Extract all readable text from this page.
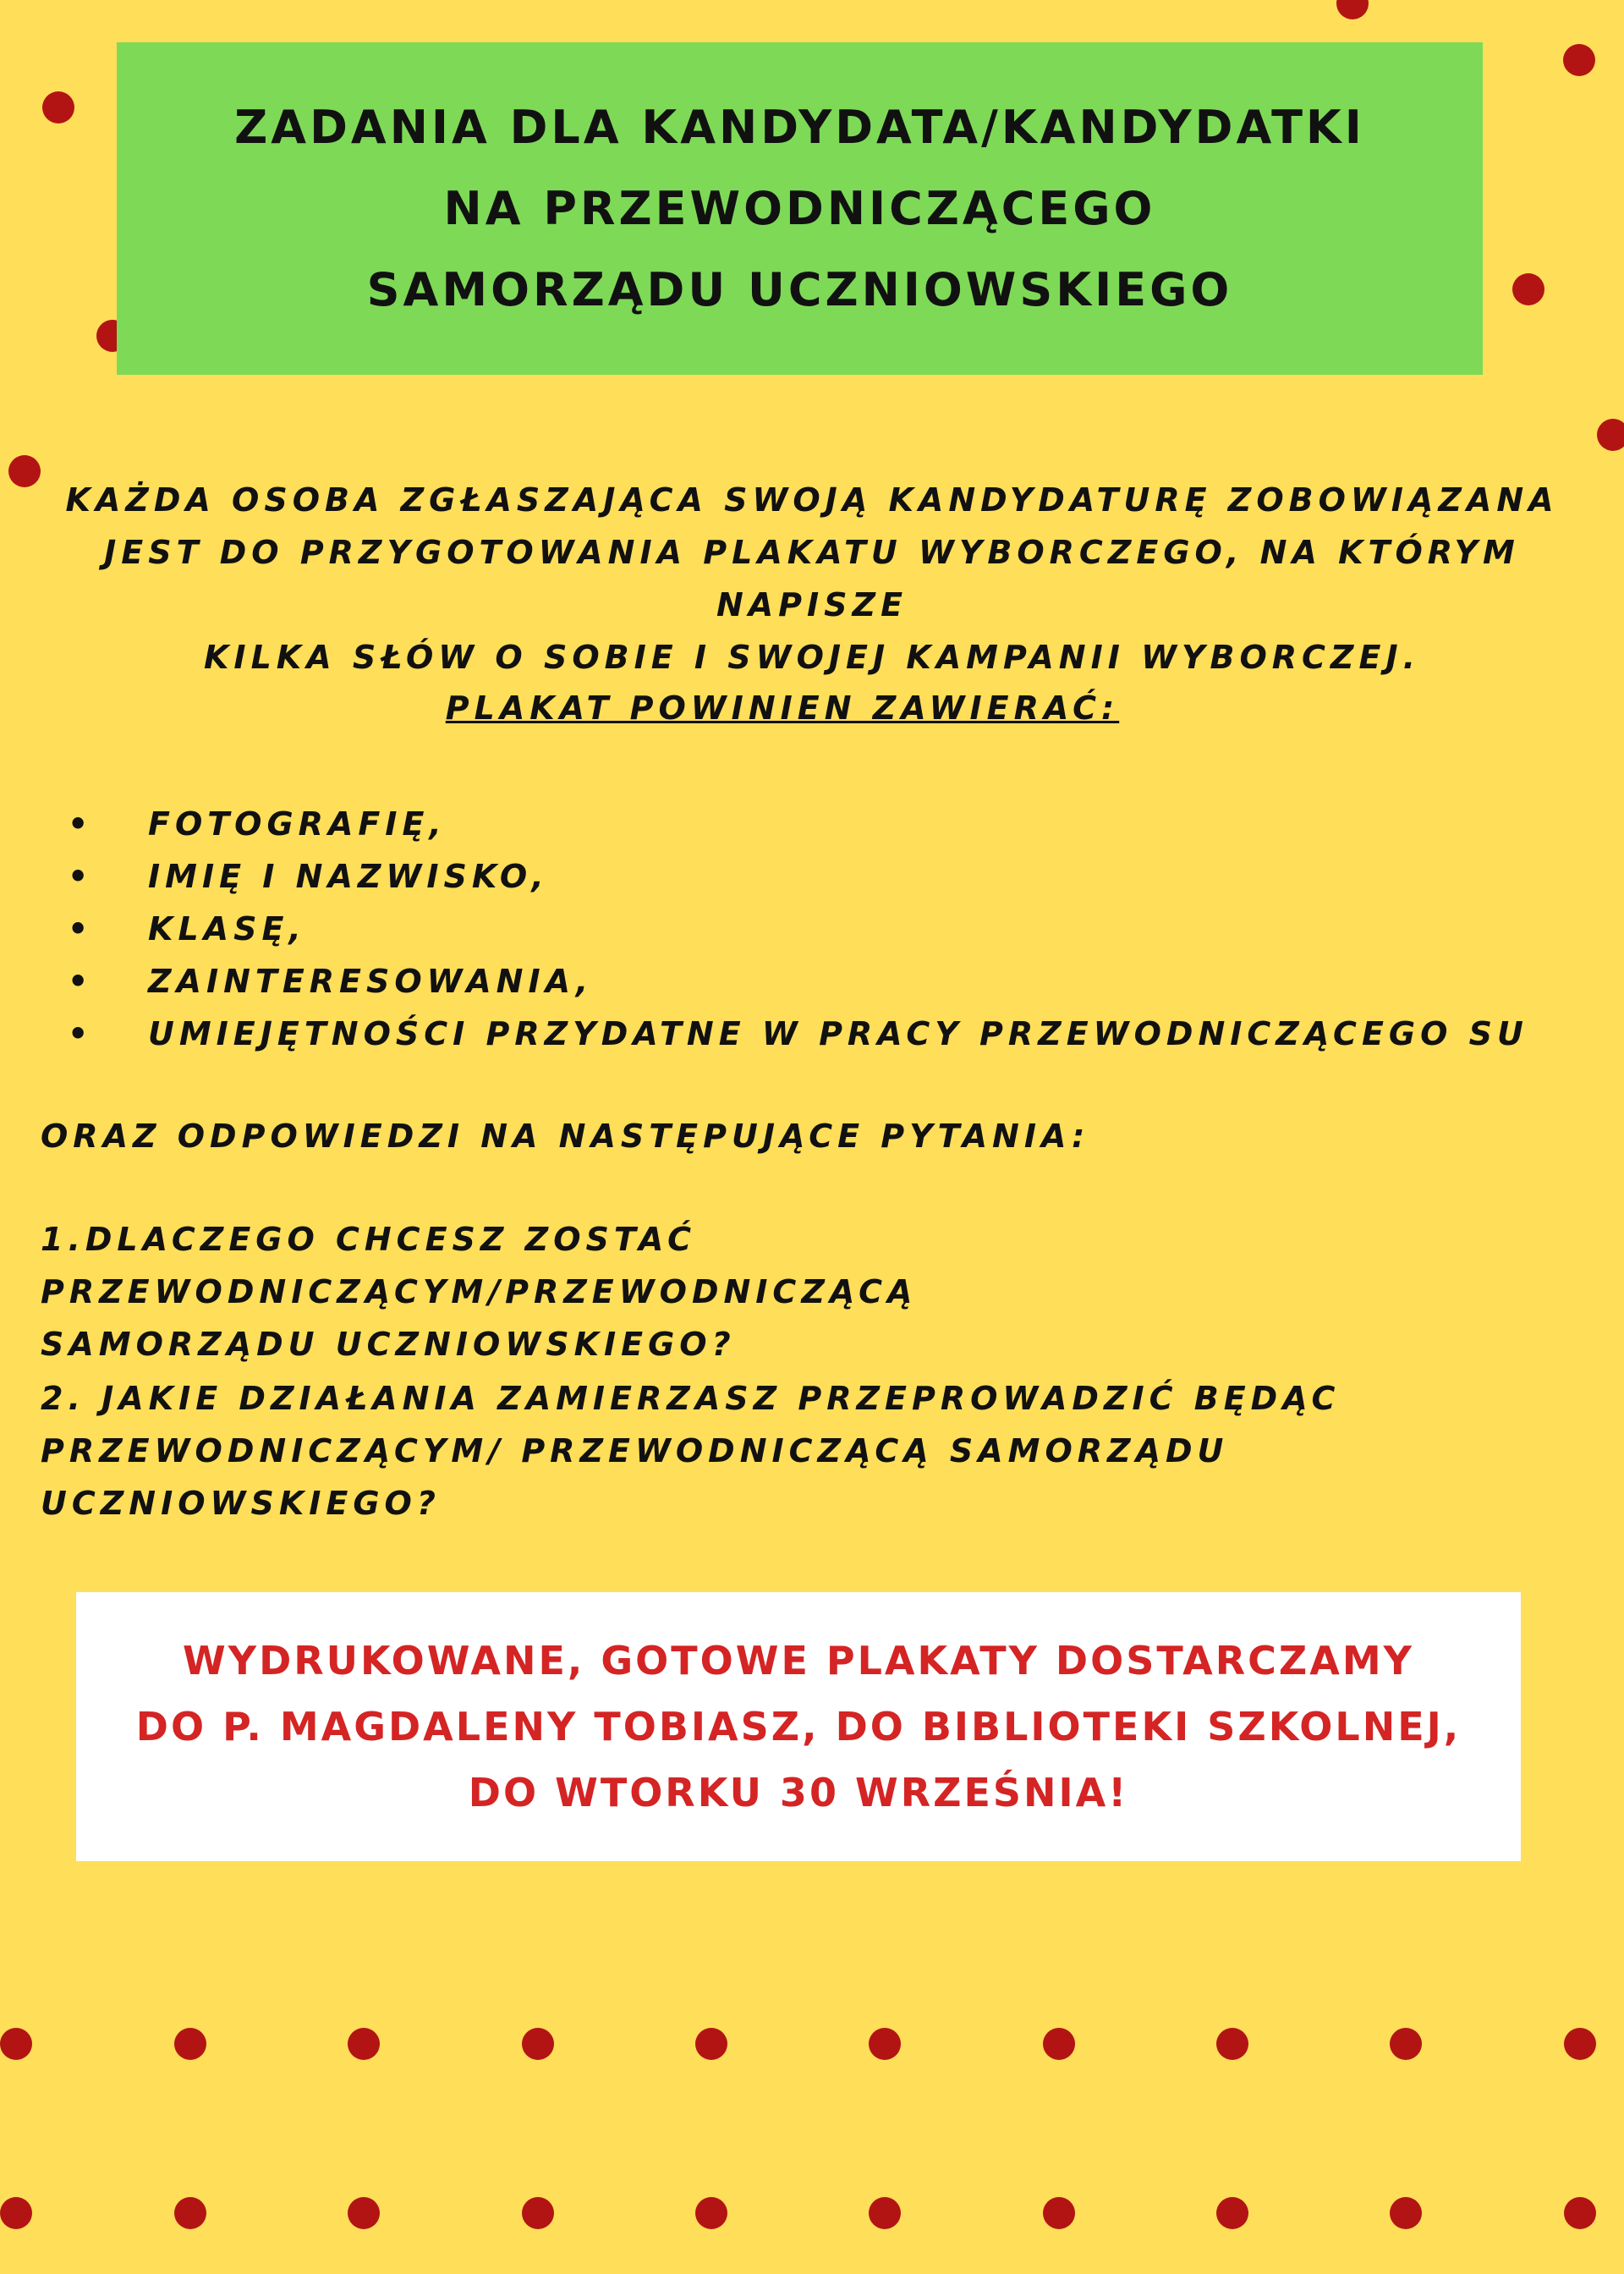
ZADANIA DLA KANDYDATA/KANDYDATKI
NA PRZEWODNICZĄCEGO
SAMORZĄDU UCZNIOWSKIEGO
KAŻDA OSOBA ZGŁASZAJĄCA SWOJĄ KANDYDATURĘ ZOBOWIĄZANA
JEST DO PRZYGOTOWANIA PLAKATU WYBORCZEGO, NA KTÓRYM NAPISZE
KILKA SŁÓW O SOBIE I SWOJEJ KAMPANII WYBORCZEJ.
PLAKAT POWINIEN ZAWIERAĆ:
• FOTOGRAFIĘ,
• IMIĘ I NAZWISKO,
• KLASĘ,
• ZAINTERESOWANIA,
• UMIEJĘTNOŚCI PRZYDATNE W PRACY PRZEWODNICZĄCEGO SU
ORAZ ODPOWIEDZI NA NASTĘPUJĄCE PYTANIA:
1.DLACZEGO CHCESZ ZOSTAĆ PRZEWODNICZĄCYM/PRZEWODNICZĄCĄ
SAMORZĄDU UCZNIOWSKIEGO?
2. JAKIE DZIAŁANIA ZAMIERZASZ PRZEPROWADZIĆ BĘDĄC
PRZEWODNICZĄCYM/ PRZEWODNICZĄCĄ SAMORZĄDU UCZNIOWSKIEGO?
WYDRUKOWANE, GOTOWE PLAKATY DOSTARCZAMY
DO P. MAGDALENY TOBIASZ, DO BIBLIOTEKI SZKOLNEJ,
DO WTORKU 30 WRZEŚNIA!
